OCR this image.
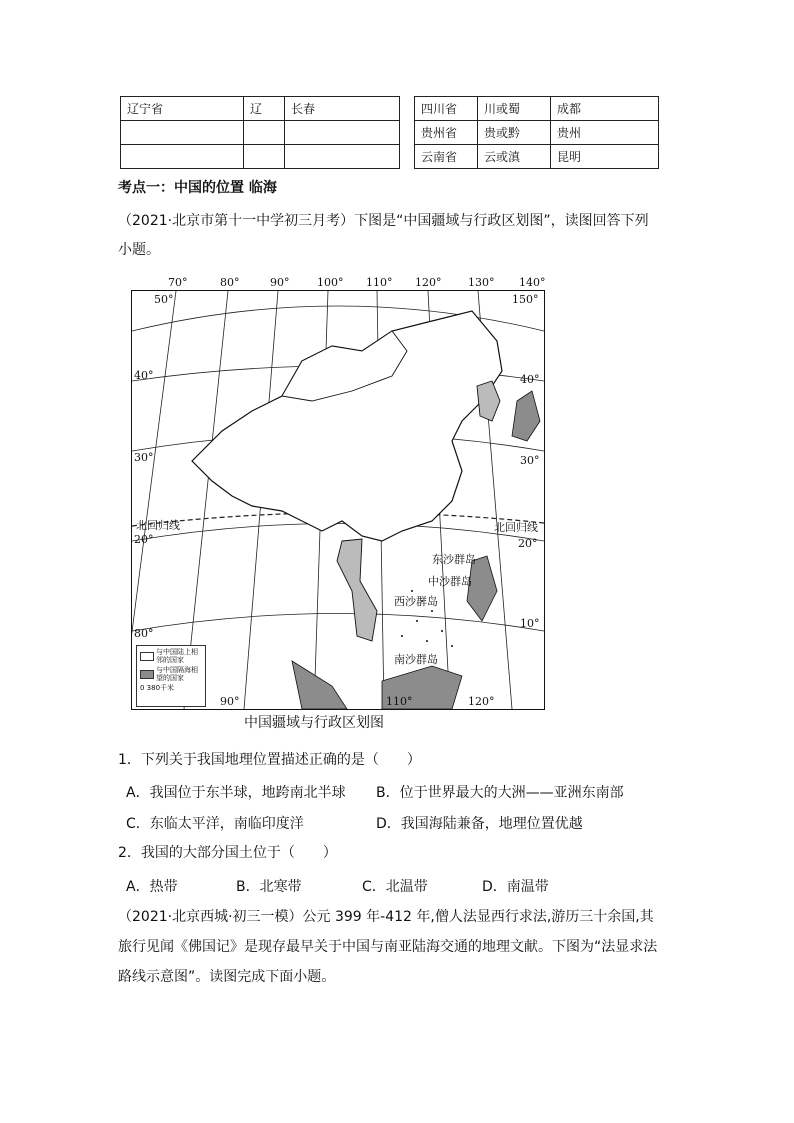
辽宁省	辽	长春		四川省	川或蜀	成都
				贵州省	贵或黔	贵州
				云南省	云或滇	昆明
考点一：中国的位置 临海
（2021·北京市第十一中学初三月考）下图是“中国疆域与行政区划图”，读图回答下列
小题。
70°	80°	90°	100° 110° 120° 130° 140°
50°	150°
40°	40°
30°	30°
北回归线	北回归线
20°	20°
东沙群岛
中沙群岛
西沙群岛
10°
80°
南沙群岛
90°	110°	120°
与中国陆上相邻的国家
与中国隔海相望的国家
0 380千米
中国疆域与行政区划图
1．下列关于我国地理位置描述正确的是（　　）
A．我国位于东半球，地跨南北半球 B．位于世界最大的大洲——亚洲东南部
C．东临太平洋，南临印度洋	D．我国海陆兼备，地理位置优越
2．我国的大部分国土位于（　　）
A．热带	B．北寒带	C．北温带	D．南温带
（2021·北京西城·初三一模）公元 399 年-412 年,僧人法显西行求法,游历三十余国,其
旅行见闻《佛国记》是现存最早关于中国与南亚陆海交通的地理文献。下图为“法显求法
路线示意图”。读图完成下面小题。
